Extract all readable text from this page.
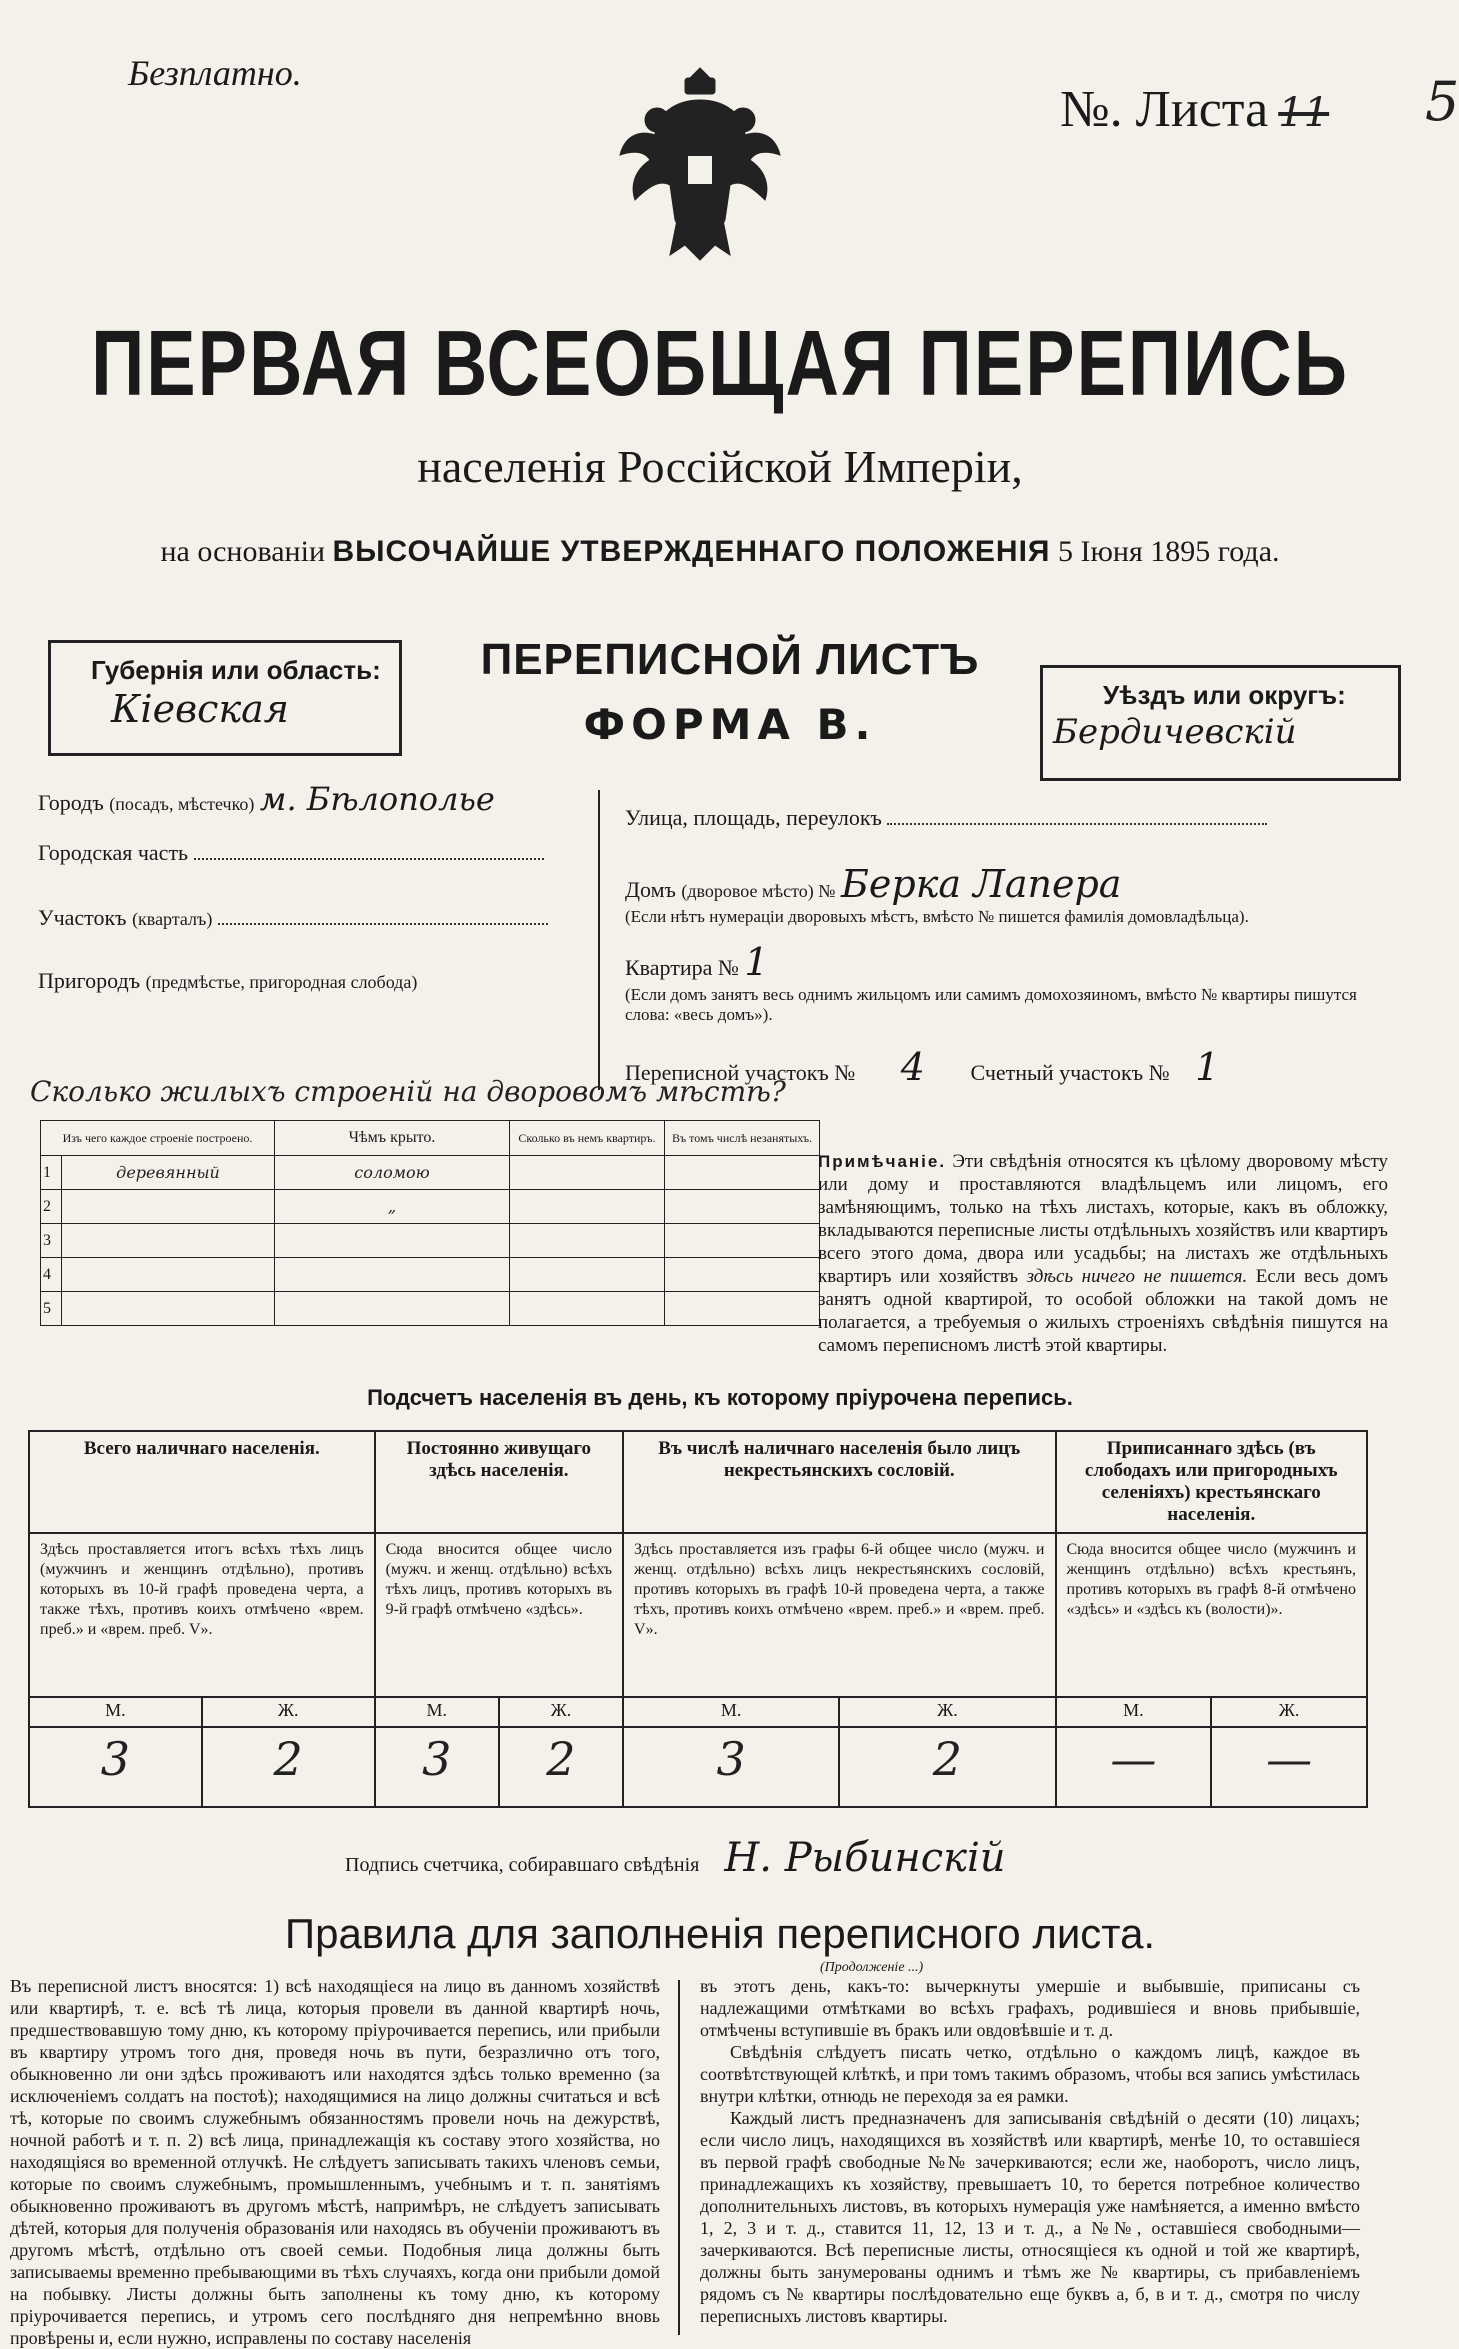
Безплатно.
№. Листа 11 5
ПЕРВАЯ ВСЕОБЩАЯ ПЕРЕПИСЬ
населенія Россійской Имперіи,
на основаніи ВЫСОЧАЙШЕ УТВЕРЖДЕННАГО ПОЛОЖЕНІЯ 5 Іюня 1895 года.
Губернія или область:
Кіевская
ПЕРЕПИСНОЙ ЛИСТЪ
ФОРМА В.
Уѣздъ или округъ:
Бердичевскій
Городъ (посадъ, мѣстечко) м. Бѣлополье
Городская часть
Участокъ (кварталъ)
Пригородъ (предмѣстье, пригородная слобода)
Улица, площадь, переулокъ
Домъ (дворовое мѣсто) № Берка Лапера
(Если нѣтъ нумераціи дворовыхъ мѣстъ, вмѣсто № пишется фамилія домовладѣльца).
Квартира № 1
(Если домъ занятъ весь однимъ жильцомъ или самимъ домохозяиномъ, вмѣсто № квартиры пишутся слова: «весь домъ»).
Переписной участокъ № 4 Счетный участокъ № 1
Сколько жилыхъ строеній на дворовомъ мѣстѣ?
Изъ чего каждое строеніе построено.		Чѣмъ крыто.	Сколько въ немъ квартиръ.	Въ томъ числѣ незанятыхъ.
1	деревянный	соломою		
2		„		
3				
4				
5				
Примѣчаніе. Эти свѣдѣнія относятся къ цѣлому дворовому мѣсту или дому и проставляются владѣльцемъ или лицомъ, его замѣняющимъ, только на тѣхъ листахъ, которые, какъ въ обложку, вкладываются переписные листы отдѣльныхъ хозяйствъ или квартиръ всего этого дома, двора или усадьбы; на листахъ же отдѣльныхъ квартиръ или хозяйствъ здѣсь ничего не пишется. Если весь домъ занятъ одной квартирой, то особой обложки на такой домъ не полагается, а требуемыя о жилыхъ строеніяхъ свѣдѣнія пишутся на самомъ переписномъ листѣ этой квартиры.
Подсчетъ населенія въ день, къ которому пріурочена перепись.
Всего наличнаго населенія.		Постоянно живущаго здѣсь населенія.		Въ числѣ наличнаго населенія было лицъ некрестьянскихъ сословій.		Приписаннаго здѣсь (въ слободахъ или пригородныхъ селеніяхъ) крестьянскаго населенія.	
Здѣсь проставляется итогъ всѣхъ тѣхъ лицъ (мужчинъ и женщинъ отдѣльно), противъ которыхъ въ 10-й графѣ проведена черта, а также тѣхъ, противъ коихъ отмѣчено «врем. преб.» и «врем. преб. V».		Сюда вносится общее число (мужч. и женщ. отдѣльно) всѣхъ тѣхъ лицъ, противъ которыхъ въ 9-й графѣ отмѣчено «здѣсь».		Здѣсь проставляется изъ графы 6-й общее число (мужч. и женщ. отдѣльно) всѣхъ лицъ некрестьянскихъ сословій, противъ которыхъ въ графѣ 10-й проведена черта, а также тѣхъ, противъ коихъ отмѣчено «врем. преб.» и «врем. преб. V».		Сюда вносится общее число (мужчинъ и женщинъ отдѣльно) всѣхъ крестьянъ, противъ которыхъ въ графѣ 8-й отмѣчено «здѣсь» и «здѣсь къ (волости)».	
М.	Ж.	М.	Ж.	М.	Ж.	М.	Ж.
3	2	3	2	3	2	—	—
Подпись счетчика, собиравшаго свѣдѣнія Н. Рыбинскій
Правила для заполненія переписного листа.
Въ переписной листъ вносятся: 1) всѣ находящіеся на лицо въ данномъ хозяйствѣ или квартирѣ, т. е. всѣ тѣ лица, которыя провели въ данной квартирѣ ночь, предшествовавшую тому дню, къ которому пріурочивается перепись, или прибыли въ квартиру утромъ того дня, проведя ночь въ пути, безразлично отъ того, обыкновенно ли они здѣсь проживаютъ или находятся здѣсь только временно (за исключеніемъ солдатъ на постоѣ); находящимися на лицо должны считаться и всѣ тѣ, которые по своимъ служебнымъ обязанностямъ провели ночь на дежурствѣ, ночной работѣ и т. п. 2) всѣ лица, принадлежащія къ составу этого хозяйства, но находящіяся во временной отлучкѣ. Не слѣдуетъ записывать такихъ членовъ семьи, которые по своимъ служебнымъ, промышленнымъ, учебнымъ и т. п. занятіямъ обыкновенно проживаютъ въ другомъ мѣстѣ, напримѣръ, не слѣдуетъ записывать дѣтей, которыя для полученія образованія или находясь въ обученіи проживаютъ въ другомъ мѣстѣ, отдѣльно отъ своей семьи. Подобныя лица должны быть записываемы временно пребывающими въ тѣхъ случаяхъ, когда они прибыли домой на побывку. Листы должны быть заполнены къ тому дню, къ которому пріурочивается перепись, и утромъ сего послѣдняго дня непремѣнно вновь провѣрены и, если нужно, исправлены по составу населенія
въ этотъ день, какъ-то: вычеркнуты умершіе и выбывшіе, приписаны съ надлежащими отмѣтками во всѣхъ графахъ, родившіеся и вновь прибывшіе, отмѣчены вступившіе въ бракъ или овдовѣвшіе и т. д.
Свѣдѣнія слѣдуетъ писать четко, отдѣльно о каждомъ лицѣ, каждое въ соотвѣтствующей клѣткѣ, и при томъ такимъ образомъ, чтобы вся запись умѣстилась внутри клѣтки, отнюдь не переходя за ея рамки.
Каждый листъ предназначенъ для записыванія свѣдѣній о десяти (10) лицахъ; если число лицъ, находящихся въ хозяйствѣ или квартирѣ, менѣе 10, то оставшіеся въ первой графѣ свободные №№ зачеркиваются; если же, наоборотъ, число лицъ, принадлежащихъ къ хозяйству, превышаетъ 10, то берется потребное количество дополнительныхъ листовъ, въ которыхъ нумерація уже намѣняется, а именно вмѣсто 1, 2, 3 и т. д., ставится 11, 12, 13 и т. д., а №№, оставшіеся свободными—зачеркиваются. Всѣ переписные листы, относящіеся къ одной и той же квартирѣ, должны быть занумерованы однимъ и тѣмъ же № квартиры, съ прибавленіемъ рядомъ съ № квартиры послѣдовательно еще буквъ а, б, в и т. д., смотря по числу переписныхъ листовъ квартиры.
(Продолженіе ...)
